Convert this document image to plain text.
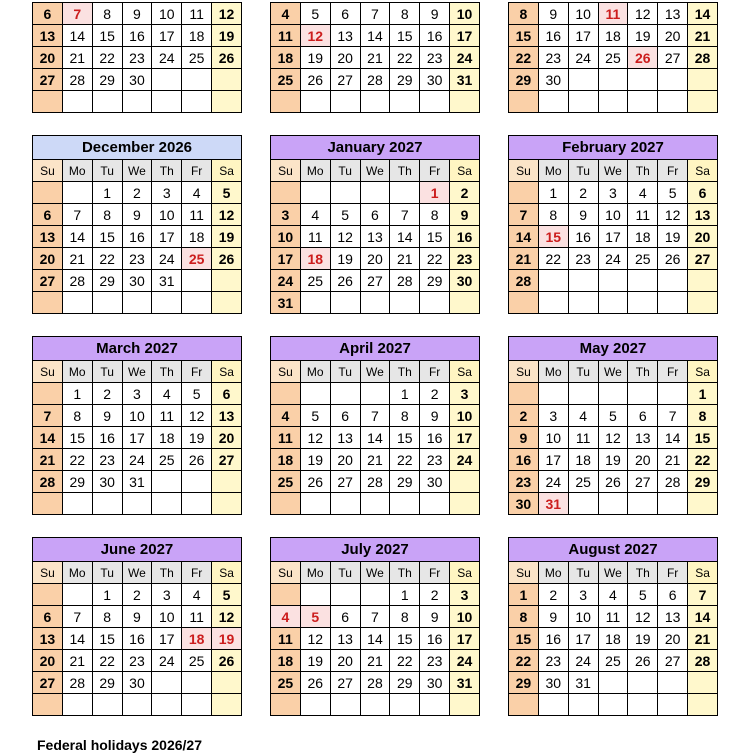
6	7	8	9	10	11	12
13	14	15	16	17	18	19
20	21	22	23	24	25	26
27	28	29	30			

4	5	6	7	8	9	10
11	12	13	14	15	16	17
18	19	20	21	22	23	24
25	26	27	28	29	30	31

8	9	10	11	12	13	14
15	16	17	18	19	20	21
22	23	24	25	26	27	28
29	30					

December 2026
Su	Mo	Tu	We	Th	Fr	Sa
		1	2	3	4	5
6	7	8	9	10	11	12
13	14	15	16	17	18	19
20	21	22	23	24	25	26
27	28	29	30	31		

January 2027
Su	Mo	Tu	We	Th	Fr	Sa
					1	2
3	4	5	6	7	8	9
10	11	12	13	14	15	16
17	18	19	20	21	22	23
24	25	26	27	28	29	30
31						
February 2027
Su	Mo	Tu	We	Th	Fr	Sa
	1	2	3	4	5	6
7	8	9	10	11	12	13
14	15	16	17	18	19	20
21	22	23	24	25	26	27
28						

March 2027
Su	Mo	Tu	We	Th	Fr	Sa
	1	2	3	4	5	6
7	8	9	10	11	12	13
14	15	16	17	18	19	20
21	22	23	24	25	26	27
28	29	30	31			

April 2027
Su	Mo	Tu	We	Th	Fr	Sa
				1	2	3
4	5	6	7	8	9	10
11	12	13	14	15	16	17
18	19	20	21	22	23	24
25	26	27	28	29	30	

May 2027
Su	Mo	Tu	We	Th	Fr	Sa
						1
2	3	4	5	6	7	8
9	10	11	12	13	14	15
16	17	18	19	20	21	22
23	24	25	26	27	28	29
30	31					
June 2027
Su	Mo	Tu	We	Th	Fr	Sa
		1	2	3	4	5
6	7	8	9	10	11	12
13	14	15	16	17	18	19
20	21	22	23	24	25	26
27	28	29	30			

July 2027
Su	Mo	Tu	We	Th	Fr	Sa
				1	2	3
4	5	6	7	8	9	10
11	12	13	14	15	16	17
18	19	20	21	22	23	24
25	26	27	28	29	30	31

August 2027
Su	Mo	Tu	We	Th	Fr	Sa
1	2	3	4	5	6	7
8	9	10	11	12	13	14
15	16	17	18	19	20	21
22	23	24	25	26	27	28
29	30	31				

Federal holidays 2026/27
